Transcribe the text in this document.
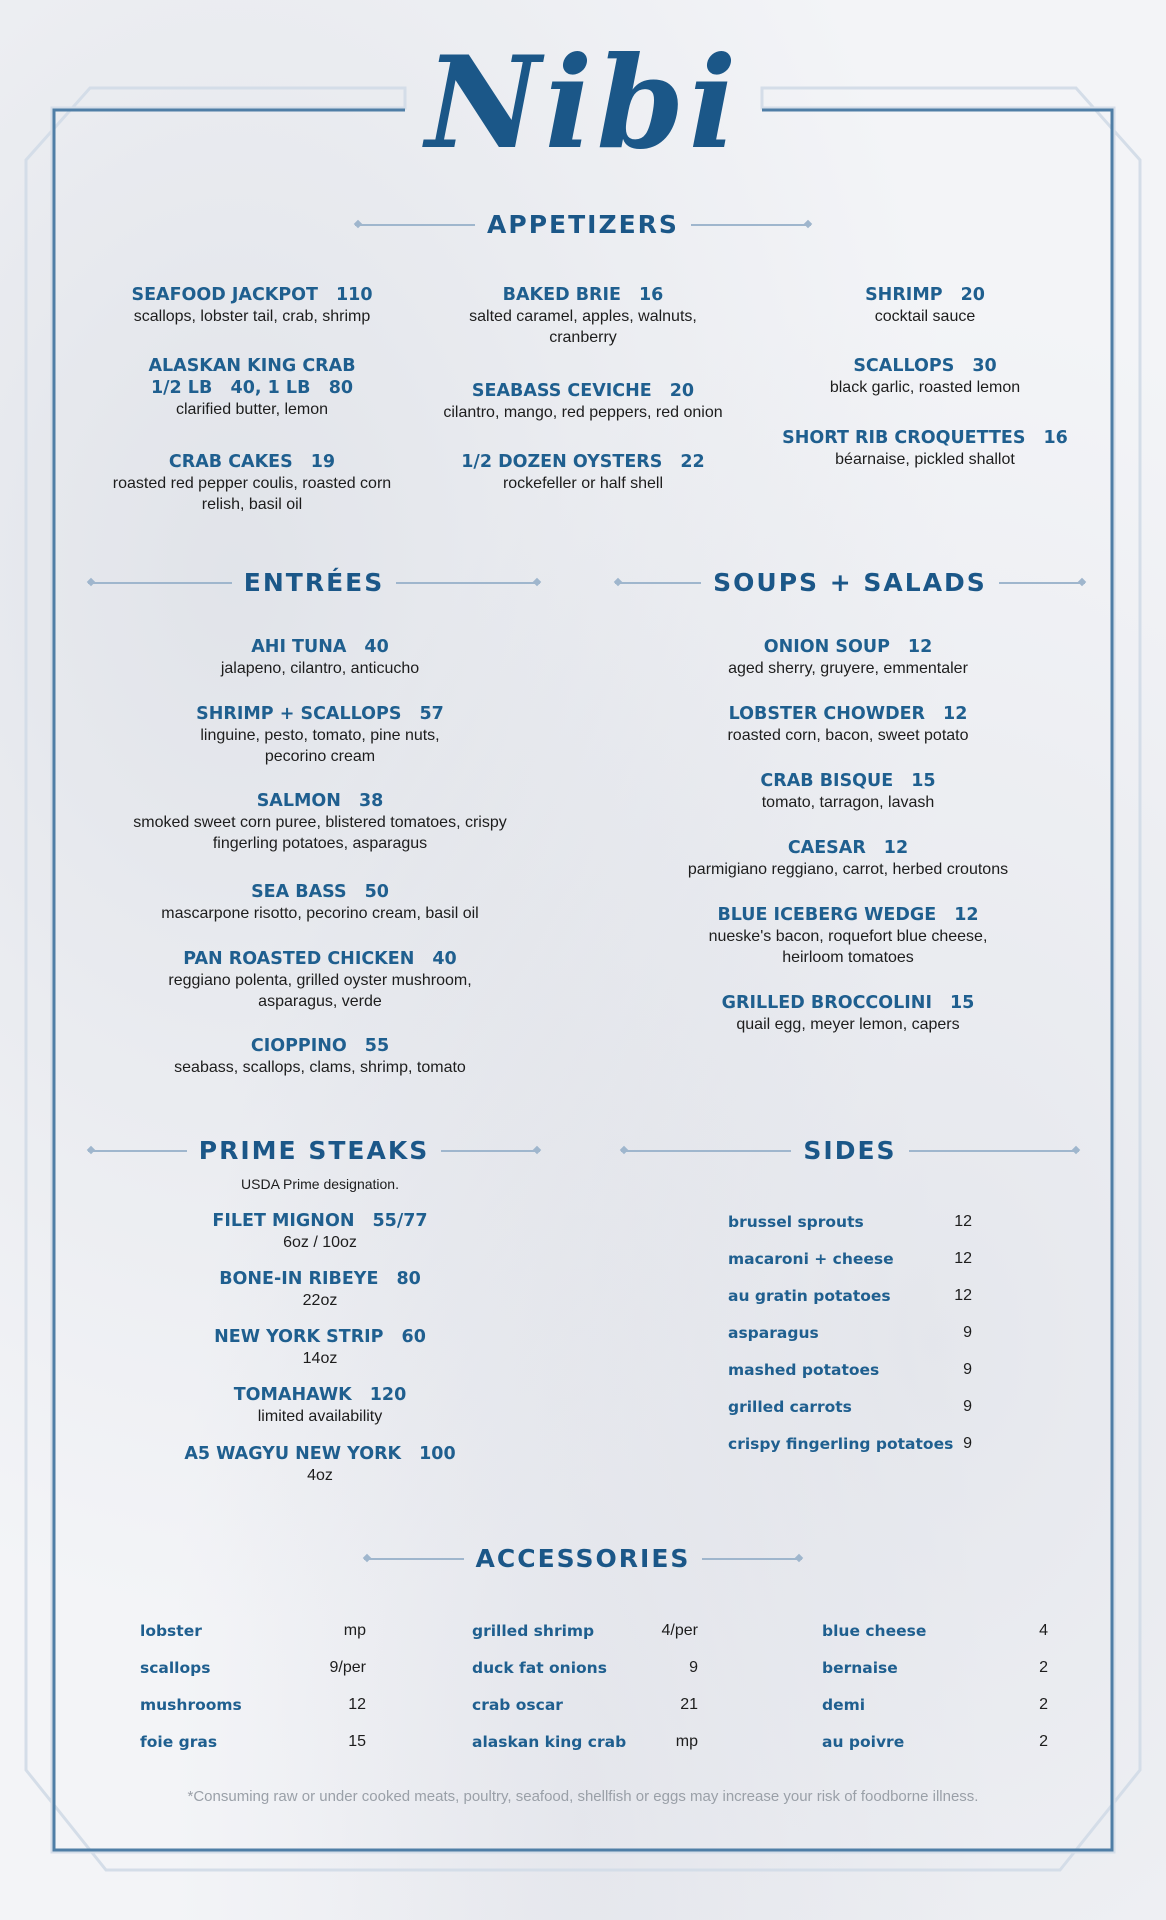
Nibi
APPETIZERS
SEAFOOD JACKPOT 110
scallops, lobster tail, crab, shrimp
ALASKAN KING CRAB
1/2 LB   40, 1 LB   80
clarified butter, lemon
CRAB CAKES 19
roasted red pepper coulis, roasted corn relish, basil oil
BAKED BRIE 16
salted caramel, apples, walnuts, cranberry
SEABASS CEVICHE 20
cilantro, mango, red peppers, red onion
1/2 DOZEN OYSTERS 22
rockefeller or half shell
SHRIMP 20
cocktail sauce
SCALLOPS 30
black garlic, roasted lemon
SHORT RIB CROQUETTES 16
béarnaise, pickled shallot
ENTRÉES
AHI TUNA 40
jalapeno, cilantro, anticucho
SHRIMP + SCALLOPS 57
linguine, pesto, tomato, pine nuts, pecorino cream
SALMON 38
smoked sweet corn puree, blistered tomatoes, crispy fingerling potatoes, asparagus
SEA BASS 50
mascarpone risotto, pecorino cream, basil oil
PAN ROASTED CHICKEN 40
reggiano polenta, grilled oyster mushroom, asparagus, verde
CIOPPINO 55
seabass, scallops, clams, shrimp, tomato
SOUPS + SALADS
ONION SOUP 12
aged sherry, gruyere, emmentaler
LOBSTER CHOWDER 12
roasted corn, bacon, sweet potato
CRAB BISQUE 15
tomato, tarragon, lavash
CAESAR 12
parmigiano reggiano, carrot, herbed croutons
BLUE ICEBERG WEDGE 12
nueske's bacon, roquefort blue cheese, heirloom tomatoes
GRILLED BROCCOLINI 15
quail egg, meyer lemon, capers
PRIME STEAKS
USDA Prime designation.
FILET MIGNON 55/77
6oz / 10oz
BONE-IN RIBEYE 80
22oz
NEW YORK STRIP 60
14oz
TOMAHAWK 120
limited availability
A5 WAGYU NEW YORK 100
4oz
SIDES
brussel sprouts	12
macaroni + cheese	12
au gratin potatoes	12
asparagus	9
mashed potatoes	9
grilled carrots	9
crispy fingerling potatoes 9
ACCESSORIES
lobster	mp
scallops	9/per
mushrooms	12
foie gras	15
grilled shrimp	4/per
duck fat onions	9
crab oscar	21
alaskan king crab	mp
blue cheese	4
bernaise	2
demi	2
au poivre	2
*Consuming raw or under cooked meats, poultry, seafood, shellfish or eggs may increase your risk of foodborne illness.
